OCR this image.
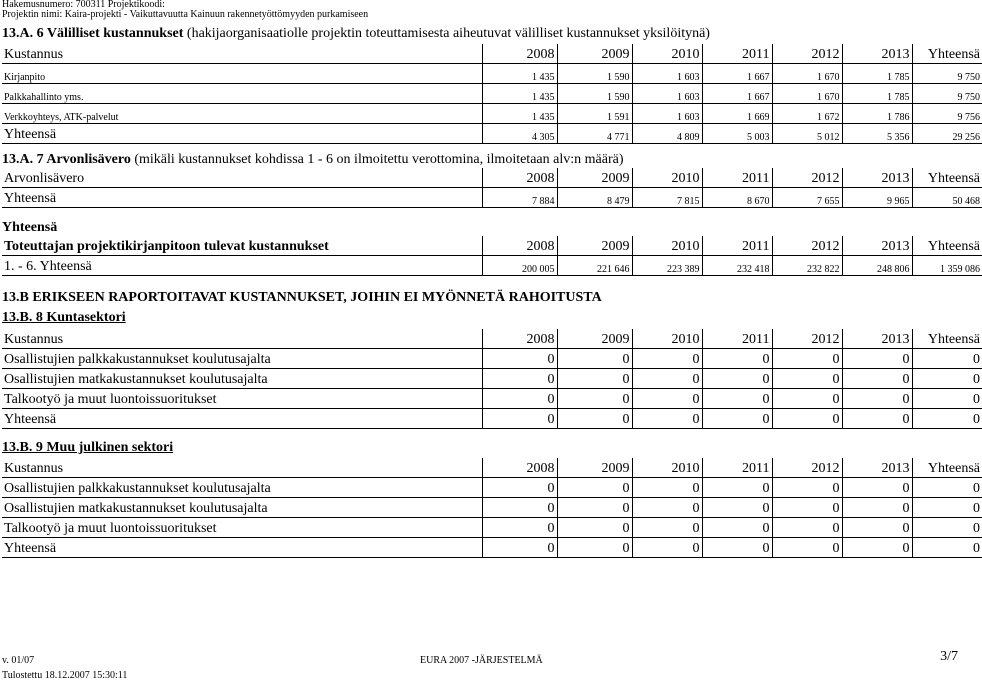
Hakemusnumero: 700311 Projektikoodi:
Projektin nimi: Kaira-projekti - Vaikuttavuutta Kainuun rakennetyöttömyyden purkamiseen
13.A. 6 Välilliset kustannukset (hakijaorganisaatiolle projektin toteuttamisesta aiheutuvat välilliset kustannukset yksilöitynä)
Kustannus	2008	2009	2010	2011	2012	2013	Yhteensä
Kirjanpito	1 435	1 590	1 603	1 667	1 670	1 785	9 750
Palkkahallinto yms.	1 435	1 590	1 603	1 667	1 670	1 785	9 750
Verkkoyhteys, ATK-palvelut	1 435	1 591	1 603	1 669	1 672	1 786	9 756
Yhteensä	4 305	4 771	4 809	5 003	5 012	5 356	29 256
13.A. 7 Arvonlisävero (mikäli kustannukset kohdissa 1 - 6 on ilmoitettu verottomina, ilmoitetaan alv:n määrä)
Arvonlisävero	2008	2009	2010	2011	2012	2013	Yhteensä
Yhteensä	7 884	8 479	7 815	8 670	7 655	9 965	50 468
Yhteensä
Toteuttajan projektikirjanpitoon tulevat kustannukset	2008	2009	2010	2011	2012	2013	Yhteensä
1. - 6. Yhteensä	200 005	221 646	223 389	232 418	232 822	248 806	1 359 086
13.B ERIKSEEN RAPORTOITAVAT KUSTANNUKSET, JOIHIN EI MYÖNNETÄ RAHOITUSTA
13.B. 8 Kuntasektori
Kustannus	2008	2009	2010	2011	2012	2013	Yhteensä
Osallistujien palkkakustannukset koulutusajalta	0	0	0	0	0	0	0
Osallistujien matkakustannukset koulutusajalta	0	0	0	0	0	0	0
Talkootyö ja muut luontoissuoritukset	0	0	0	0	0	0	0
Yhteensä	0	0	0	0	0	0	0
13.B. 9 Muu julkinen sektori
Kustannus	2008	2009	2010	2011	2012	2013	Yhteensä
Osallistujien palkkakustannukset koulutusajalta	0	0	0	0	0	0	0
Osallistujien matkakustannukset koulutusajalta	0	0	0	0	0	0	0
Talkootyö ja muut luontoissuoritukset	0	0	0	0	0	0	0
Yhteensä	0	0	0	0	0	0	0
v. 01/07	EURA 2007 -JÄRJESTELMÄ	3/7
Tulostettu 18.12.2007 15:30:11
